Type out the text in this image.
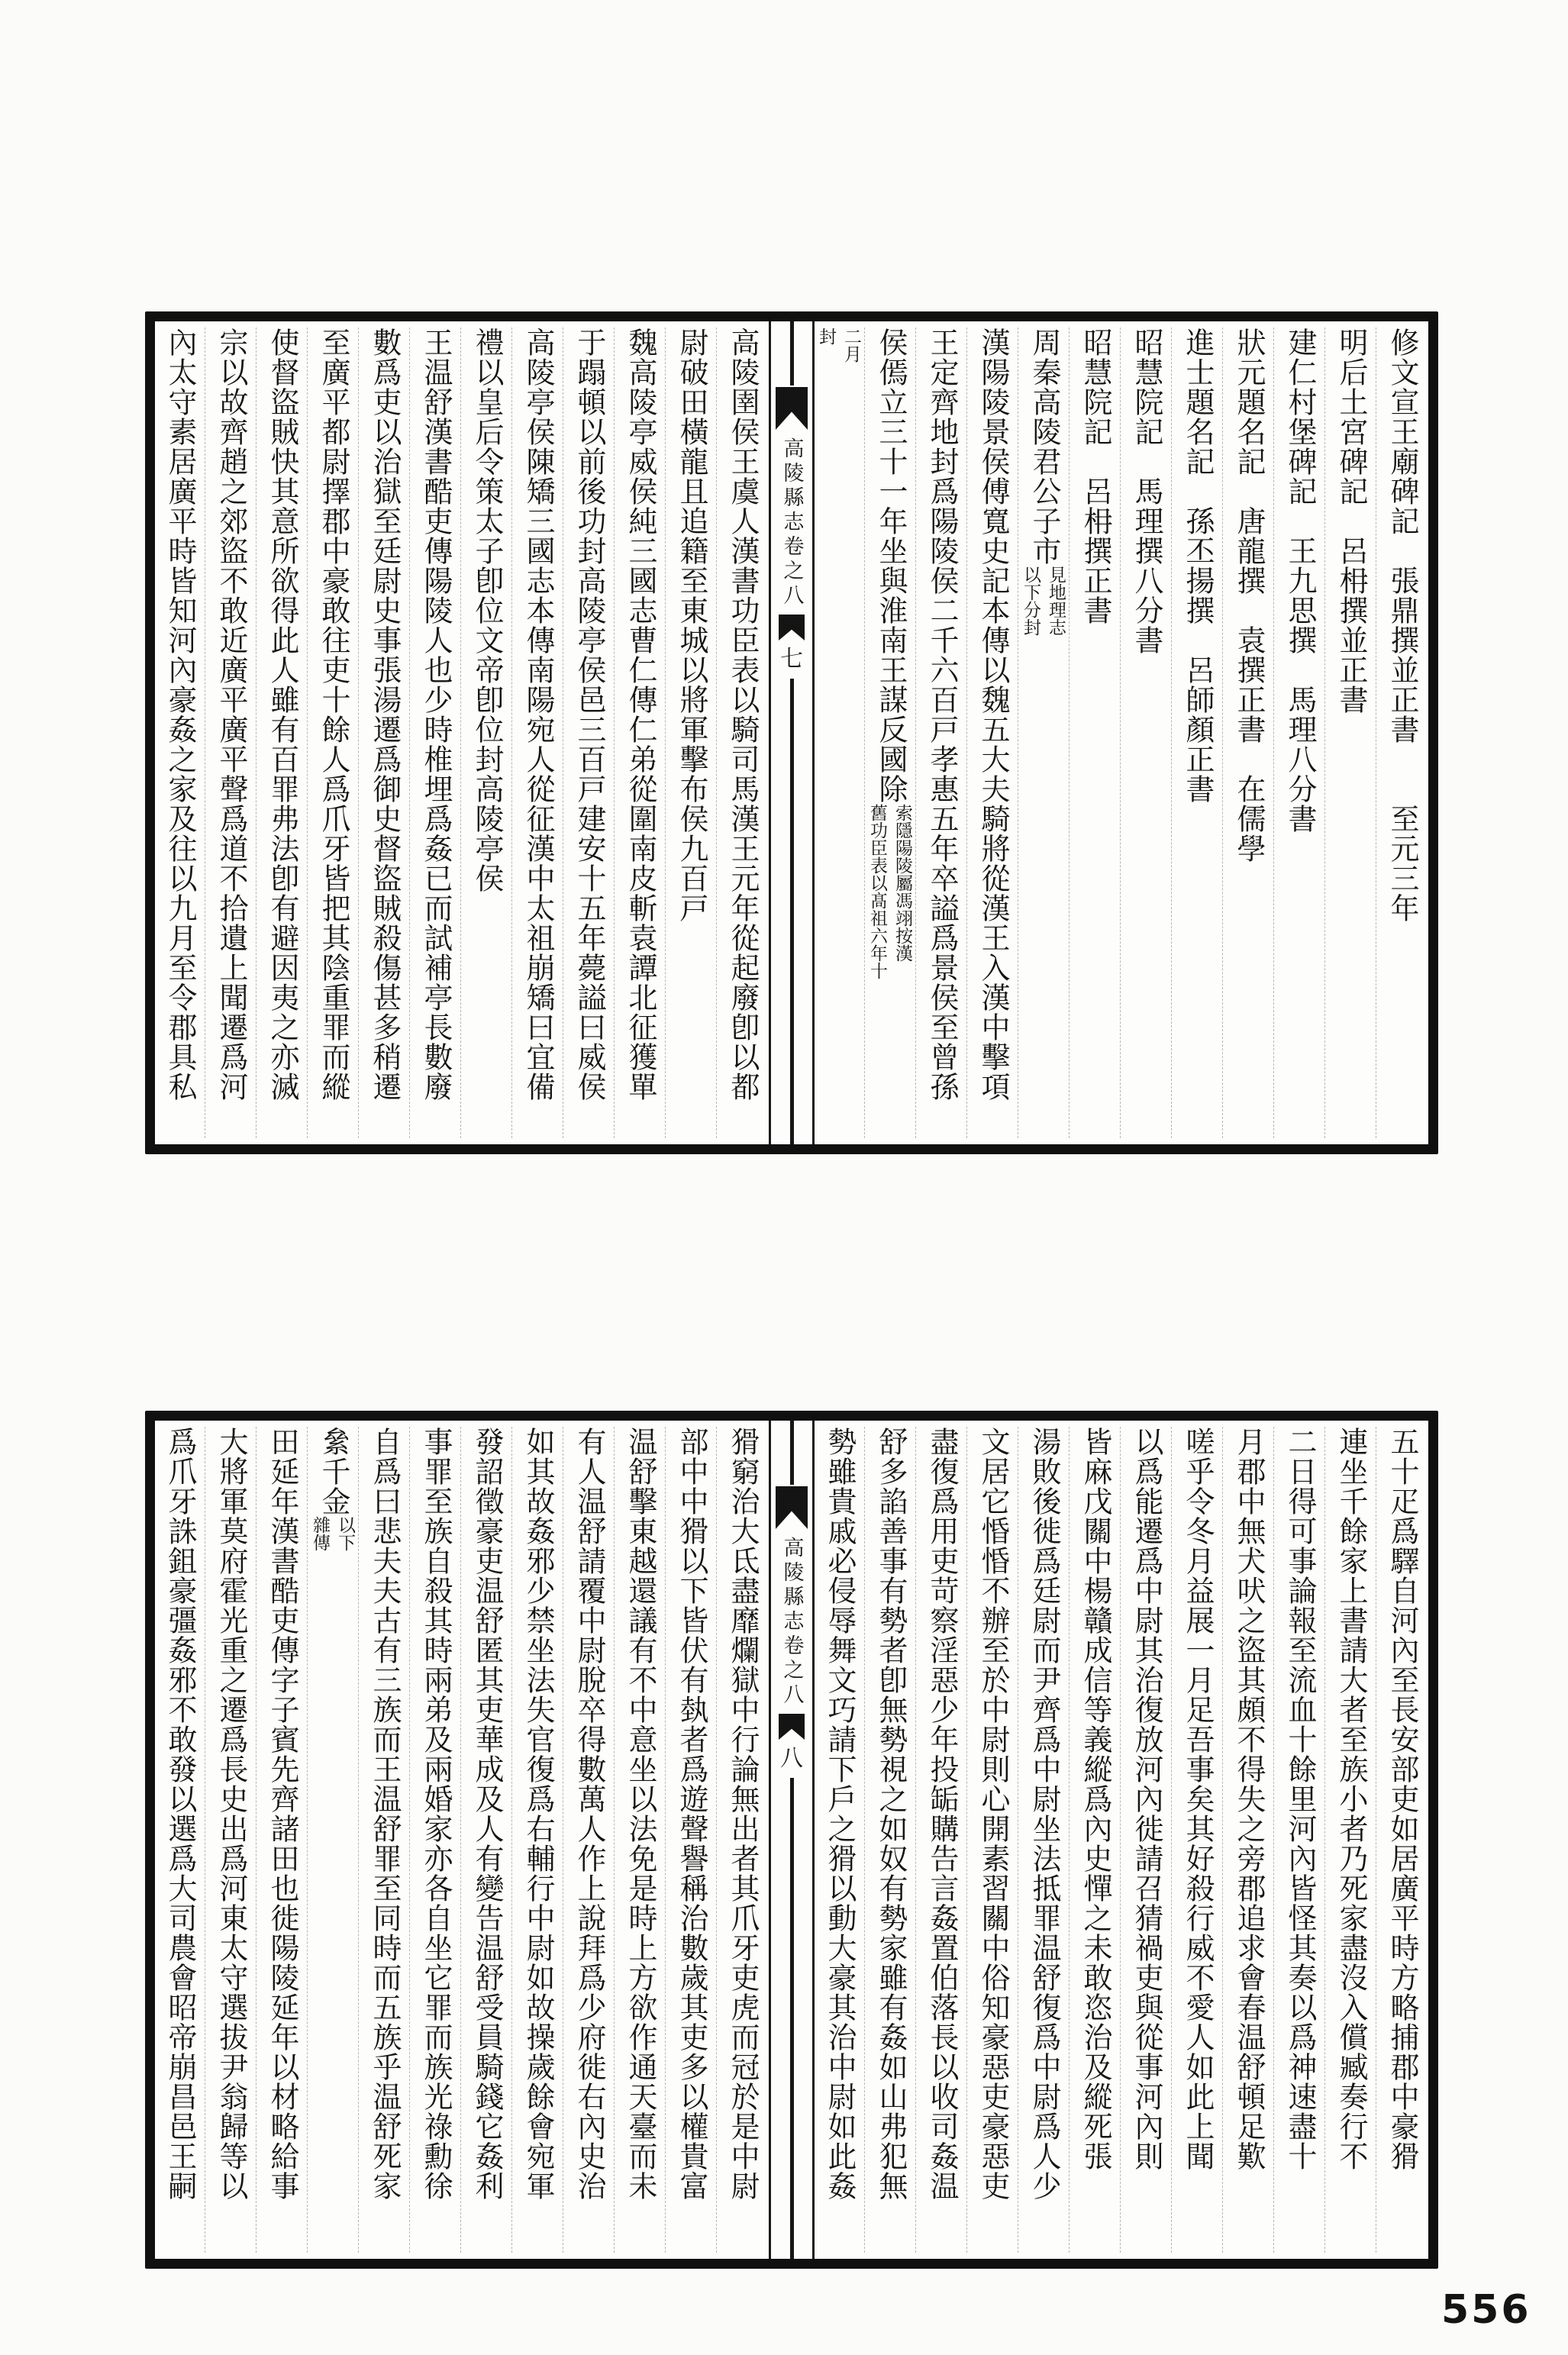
高陵圉侯王虞人漢書功臣表以騎司馬漢王元年從起廢卽以都
尉破田橫龍且追籍至東城以將軍擊布侯九百戸
魏高陵亭威侯純三國志曹仁傳仁弟從圍南皮斬袁譚北征獲單
于蹋頓以前後功封高陵亭侯邑三百戸建安十五年薨謚曰威侯
高陵亭侯陳矯三國志本傳南陽宛人從征漢中太祖崩矯曰宜備
禮以皇后令策太子卽位文帝卽位封高陵亭侯
王温舒漢書酷吏傳陽陵人也少時椎埋爲姦已而試補亭長數廢
數爲吏以治獄至廷尉史事張湯遷爲御史督盜賊殺傷甚多稍遷
至廣平都尉擇郡中豪敢往吏十餘人爲爪牙皆把其陰重罪而縱
使督盜賊快其意所欲得此人雖有百罪弗法卽有避因夷之亦滅
宗以故齊趙之郊盜不敢近廣平廣平聲爲道不拾遺上聞遷爲河
內太守素居廣平時皆知河內豪姦之家及往以九月至令郡具私	高陵縣志卷之八
七	修文宣王廟碑記　張鼎撰並正書　　至元三年
明后土宮碑記　呂枏撰並正書
建仁村堡碑記　王九思撰　馬理八分書
狀元題名記　唐龍撰　袁撰正書　在儒學
進士題名記　孫丕揚撰　呂師顏正書
昭慧院記　馬理撰八分書
昭慧院記　呂枏撰正書
周秦高陵君公子市
見地理志
以下分封
漢陽陵景侯傅寬史記本傳以魏五大夫騎將從漢王入漢中擊項
王定齊地封爲陽陵侯二千六百戸孝惠五年卒謚爲景侯至曾孫
侯傿立三十一年坐與淮南王謀反國除
索隱陽陵屬馮翊按漢
舊功臣表以髙祖六年十
二月
封
猾窮治大氐盡靡爛獄中行論無出者其爪牙吏虎而冠於是中尉
部中中猾以下皆伏有埶者爲遊聲譽稱治數歲其吏多以權貴富
温舒擊東越還議有不中意坐以法免是時上方欲作通天臺而未
有人温舒請覆中尉脫卒得數萬人作上說拜爲少府徙右內史治
如其故姦邪少禁坐法失官復爲右輔行中尉如故操歲餘會宛軍
發詔徵豪吏温舒匿其吏華成及人有變告温舒受員騎錢它姦利
事罪至族自殺其時兩弟及兩婚家亦各自坐它罪而族光祿勳徐
自爲曰悲夫夫古有三族而王温舒罪至同時而五族乎温舒死家
絫千金
以下
雜傳
田延年漢書酷吏傳字子賓先齊諸田也徙陽陵延年以材略給事
大將軍莫府霍光重之遷爲長史出爲河東太守選拔尹翁歸等以
爲爪牙誅鉏豪彊姦邪不敢發以選爲大司農會昭帝崩昌邑王嗣	高陵縣志卷之八
八	五十疋爲驛自河內至長安部吏如居廣平時方略捕郡中豪猾
連坐千餘家上書請大者至族小者乃死家盡沒入償臧奏行不
二日得可事論報至流血十餘里河內皆怪其奏以爲神速盡十
月郡中無犬吠之盜其頗不得失之旁郡追求會春温舒頓足歎
嗟乎令冬月益展一月足吾事矣其好殺行威不愛人如此上聞
以爲能遷爲中尉其治復放河內徙請召猜禍吏與從事河內則
皆麻戊關中楊贛成信等義縱爲內史憚之未敢恣治及縱死張
湯敗後徙爲廷尉而尹齊爲中尉坐法抵罪温舒復爲中尉爲人少
文居它惛惛不辦至於中尉則心開素習關中俗知豪惡吏豪惡吏
盡復爲用吏苛察淫惡少年投缿購告言姦置伯落長以收司姦温
舒多諂善事有勢者卽無勢視之如奴有勢家雖有姦如山弗犯無
勢雖貴戚必侵辱舞文巧請下戶之猾以動大豪其治中尉如此姦
556
